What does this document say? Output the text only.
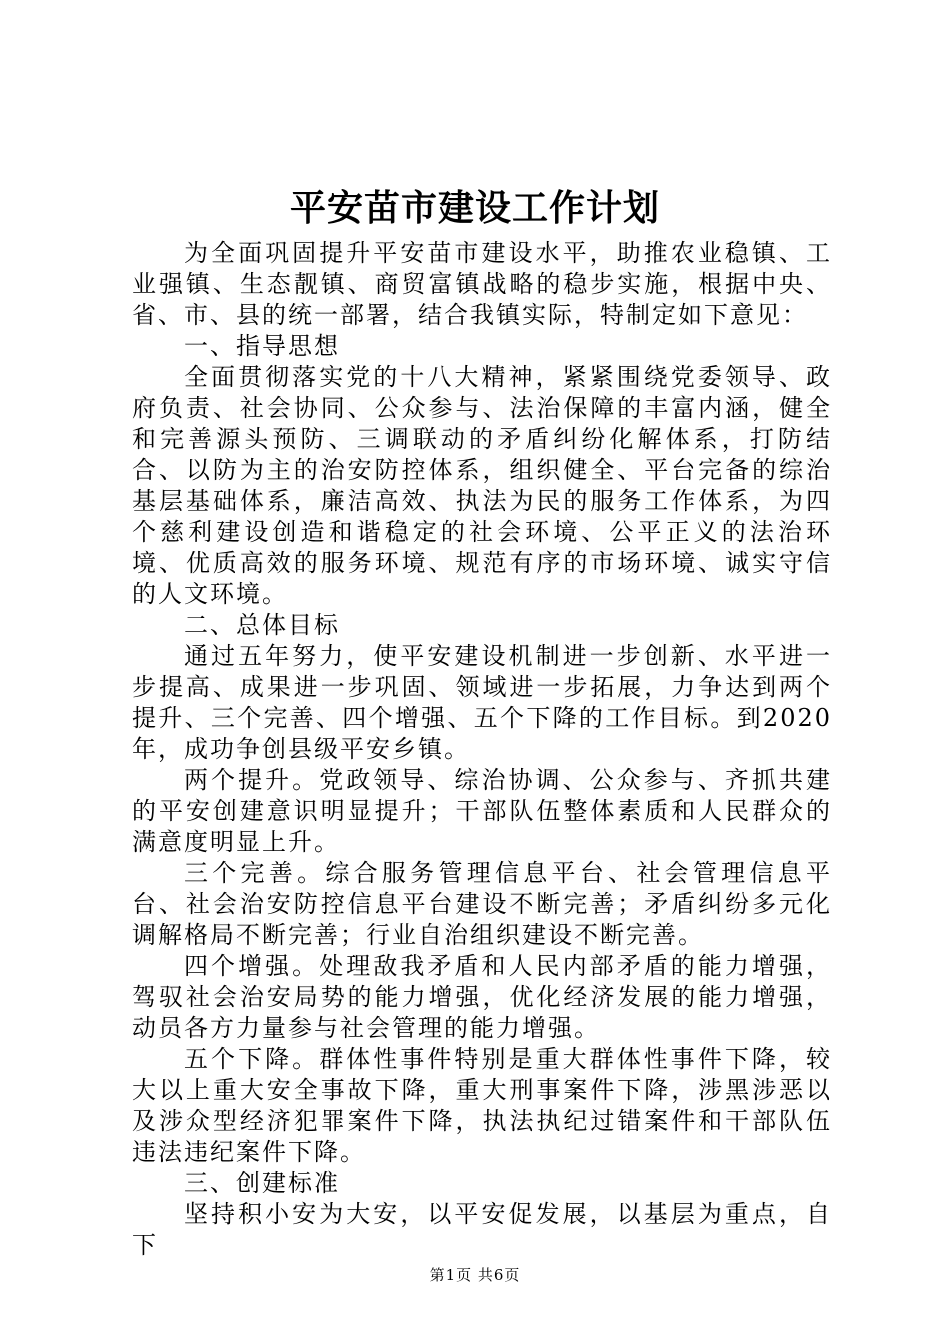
平安苗市建设工作计划

为全面巩固提升平安苗市建设水平，助推农业稳镇、工业强镇、生态靓镇、商贸富镇战略的稳步实施，根据中央、省、市、县的统一部署，结合我镇实际，特制定如下意见：

一、指导思想

全面贯彻落实党的十八大精神，紧紧围绕党委领导、政府负责、社会协同、公众参与、法治保障的丰富内涵，健全和完善源头预防、三调联动的矛盾纠纷化解体系，打防结合、以防为主的治安防控体系，组织健全、平台完备的综治基层基础体系，廉洁高效、执法为民的服务工作体系，为四个慈利建设创造和谐稳定的社会环境、公平正义的法治环境、优质高效的服务环境、规范有序的市场环境、诚实守信的人文环境。

二、总体目标

通过五年努力，使平安建设机制进一步创新、水平进一步提高、成果进一步巩固、领域进一步拓展，力争达到两个提升、三个完善、四个增强、五个下降的工作目标。到2020年，成功争创县级平安乡镇。

两个提升。党政领导、综治协调、公众参与、齐抓共建的平安创建意识明显提升；干部队伍整体素质和人民群众的满意度明显上升。

三个完善。综合服务管理信息平台、社会管理信息平台、社会治安防控信息平台建设不断完善；矛盾纠纷多元化调解格局不断完善；行业自治组织建设不断完善。

四个增强。处理敌我矛盾和人民内部矛盾的能力增强，驾驭社会治安局势的能力增强，优化经济发展的能力增强，动员各方力量参与社会管理的能力增强。

五个下降。群体性事件特别是重大群体性事件下降，较大以上重大安全事故下降，重大刑事案件下降，涉黑涉恶以及涉众型经济犯罪案件下降，执法执纪过错案件和干部队伍违法违纪案件下降。

三、创建标准

坚持积小安为大安，以平安促发展，以基层为重点，自下

第1页 共6页
